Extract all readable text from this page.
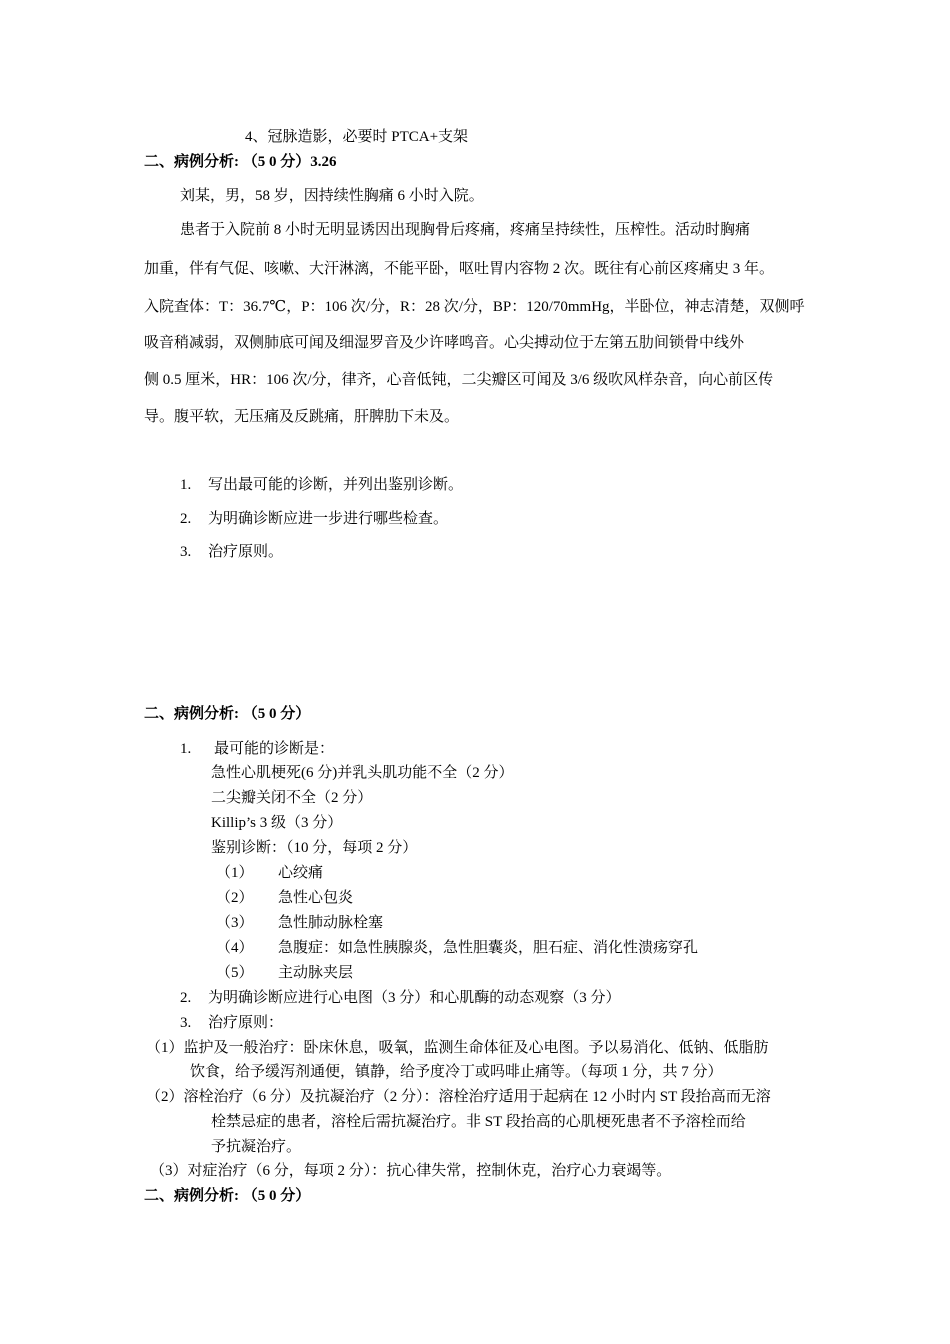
4、冠脉造影，必要时 PTCA+支架
二、病例分析: （5 0 分）3.26
刘某，男，58 岁，因持续性胸痛 6 小时入院。
患者于入院前 8 小时无明显诱因出现胸骨后疼痛，疼痛呈持续性，压榨性。活动时胸痛
加重，伴有气促、咳嗽、大汗淋漓，不能平卧，呕吐胃内容物 2 次。既往有心前区疼痛史 3 年。
入院查体：T：36.7℃，P：106 次/分，R：28 次/分，BP：120/70mmHg，半卧位，神志清楚，双侧呼
吸音稍减弱，双侧肺底可闻及细湿罗音及少许哮鸣音。心尖搏动位于左第五肋间锁骨中线外
侧 0.5 厘米，HR：106 次/分，律齐，心音低钝，二尖瓣区可闻及 3/6 级吹风样杂音，向心前区传
导。腹平软，无压痛及反跳痛，肝脾肋下未及。
1. 写出最可能的诊断，并列出鉴别诊断。
2. 为明确诊断应进一步进行哪些检查。
3. 治疗原则。
二、病例分析: （5 0 分）
1. 最可能的诊断是：
急性心肌梗死(6 分)并乳头肌功能不全（2 分）
二尖瓣关闭不全（2 分）
Killip’s 3 级（3 分）
鉴别诊断：（10 分，每项 2 分）
（1） 心绞痛
（2） 急性心包炎
（3） 急性肺动脉栓塞
（4） 急腹症：如急性胰腺炎，急性胆囊炎，胆石症、消化性溃疡穿孔
（5） 主动脉夹层
2. 为明确诊断应进行心电图（3 分）和心肌酶的动态观察（3 分）
3. 治疗原则：
（1）监护及一般治疗：卧床休息，吸氧，监测生命体征及心电图。予以易消化、低钠、低脂肪
饮食，给予缓泻剂通便，镇静，给予度冷丁或吗啡止痛等。（每项 1 分，共 7 分）
（2）溶栓治疗（6 分）及抗凝治疗（2 分）：溶栓治疗适用于起病在 12 小时内 ST 段抬高而无溶
栓禁忌症的患者，溶栓后需抗凝治疗。非 ST 段抬高的心肌梗死患者不予溶栓而给
予抗凝治疗。
（3）对症治疗（6 分，每项 2 分）：抗心律失常，控制休克，治疗心力衰竭等。
二、病例分析: （5 0 分）
